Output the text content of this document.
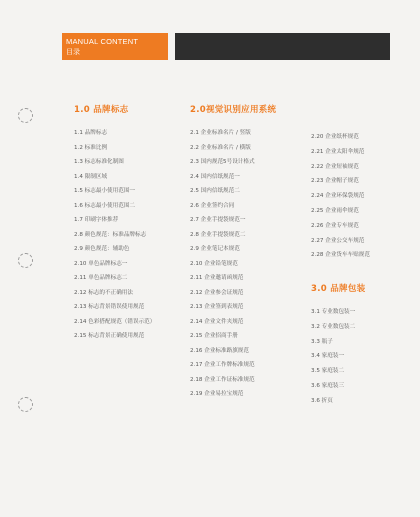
MANUAL CONTENT
目录
1.0 品牌标志
1.1 品牌标志
1.2 标准比例
1.3 标志标准化制图
1.4 限制区域
1.5 标志最小使用范围一
1.6 标志最小使用范围二
1.7 印刷字体推荐
2.8 颜色规范：标准品牌标志
2.9 颜色规范：辅助色
2.10 单色品牌标志一
2.11 单色品牌标志二
2.12 标志的不正确用法
2.13 标志背景错误使用规范
2.14 色彩搭配规范（错误示范）
2.15 标志背景正确使用规范
2.0视觉识别应用系统
2.1 企业标准名片 / 竖版
2.2 企业标准名片 / 横版
2.3 国内规范5号设计格式
2.4 国内信纸规范一
2.5 国内信纸规范二
2.6 企业签约合同
2.7 企业手提袋规范一
2.8 企业手提袋规范二
2.9 企业笔记本规范
2.10 企业铅笔规范
2.11 企业邀请函规范
2.12 企业参会证规范
2.13 企业签到表规范
2.14 企业文件夹规范
2.15 企业招商手册
2.16 企业标准路旗规范
2.17 企业工作牌标准规范
2.18 企业工作证标准规范
2.19 企业易拉宝规范
2.20 企业纸杯规范
2.21 企业太阳伞规范
2.22 企业短袖规范
2.23 企业帽子规范
2.24 企业环保袋规范
2.25 企业雨伞规范
2.26 企业专车规范
2.27 企业公交车规范
2.28 企业货车车贴规范
3.0 品牌包装
3.1 专业数包装一
3.2 专业数包装二
3.3 瓶子
3.4 家庭装一
3.5 家庭装二
3.6 家庭装三
3.6 折页
